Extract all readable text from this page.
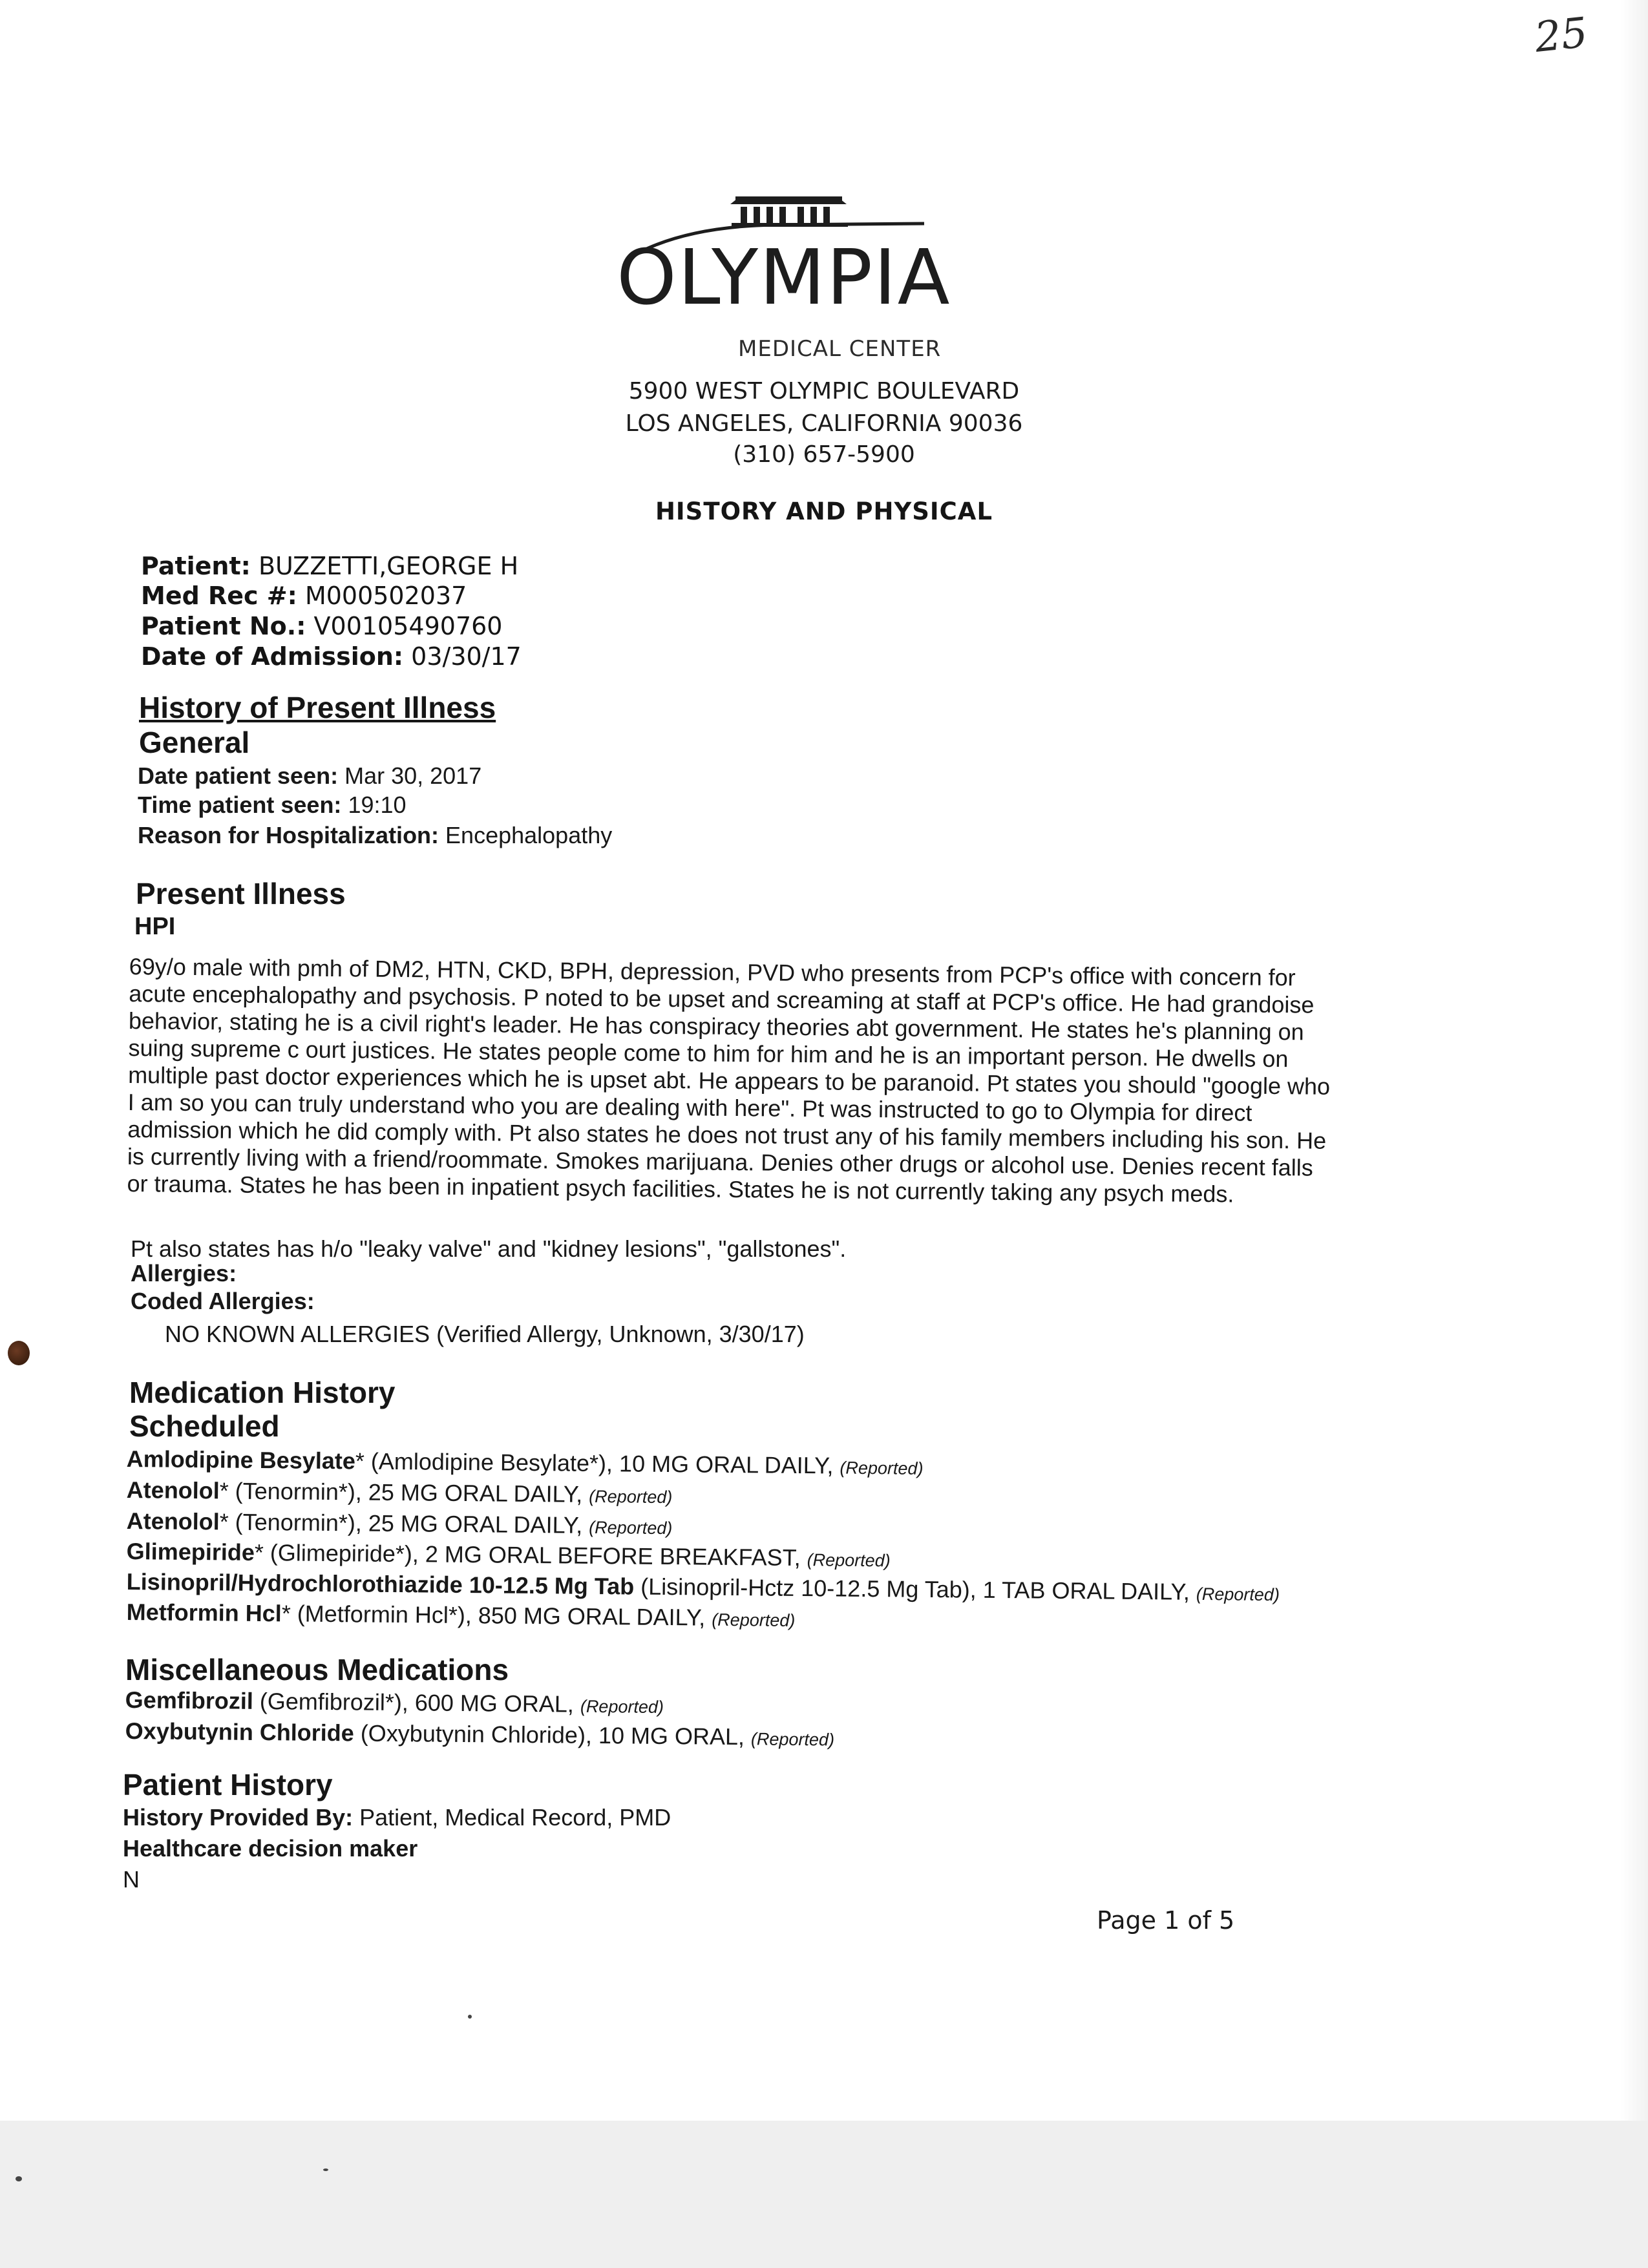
25
OLYMPIA
MEDICAL CENTER
5900 WEST OLYMPIC BOULEVARD
LOS ANGELES, CALIFORNIA 90036
(310) 657-5900
HISTORY AND PHYSICAL
Patient: BUZZETTI,GEORGE H
Med Rec #: M000502037
Patient No.: V00105490760
Date of Admission: 03/30/17
History of Present Illness
General
Date patient seen: Mar 30, 2017
Time patient seen: 19:10
Reason for Hospitalization: Encephalopathy
Present Illness
HPI
69y/o male with pmh of DM2, HTN, CKD, BPH, depression, PVD who presents from PCP's office with concern for
acute encephalopathy and psychosis. P noted to be upset and screaming at staff at PCP's office. He had grandoise
behavior, stating he is a civil right's leader. He has conspiracy theories abt government. He states he's planning on
suing supreme c ourt justices. He states people come to him for him and he is an important person. He dwells on
multiple past doctor experiences which he is upset abt. He appears to be paranoid. Pt states you should "google who
I am so you can truly understand who you are dealing with here". Pt was instructed to go to Olympia for direct
admission which he did comply with. Pt also states he does not trust any of his family members including his son. He
is currently living with a friend/roommate. Smokes marijuana. Denies other drugs or alcohol use. Denies recent falls
or trauma. States he has been in inpatient psych facilities. States he is not currently taking any psych meds.
Pt also states has h/o "leaky valve" and "kidney lesions", "gallstones".
Allergies:
Coded Allergies:
NO KNOWN ALLERGIES (Verified Allergy, Unknown, 3/30/17)
Medication History
Scheduled
Amlodipine Besylate* (Amlodipine Besylate*), 10 MG ORAL DAILY, (Reported)
Atenolol* (Tenormin*), 25 MG ORAL DAILY, (Reported)
Atenolol* (Tenormin*), 25 MG ORAL DAILY, (Reported)
Glimepiride* (Glimepiride*), 2 MG ORAL BEFORE BREAKFAST, (Reported)
Lisinopril/Hydrochlorothiazide 10-12.5 Mg Tab (Lisinopril-Hctz 10-12.5 Mg Tab), 1 TAB ORAL DAILY, (Reported)
Metformin Hcl* (Metformin Hcl*), 850 MG ORAL DAILY, (Reported)
Miscellaneous Medications
Gemfibrozil (Gemfibrozil*), 600 MG ORAL, (Reported)
Oxybutynin Chloride (Oxybutynin Chloride), 10 MG ORAL, (Reported)
Patient History
History Provided By: Patient, Medical Record, PMD
Healthcare decision maker
N
Page 1 of 5
